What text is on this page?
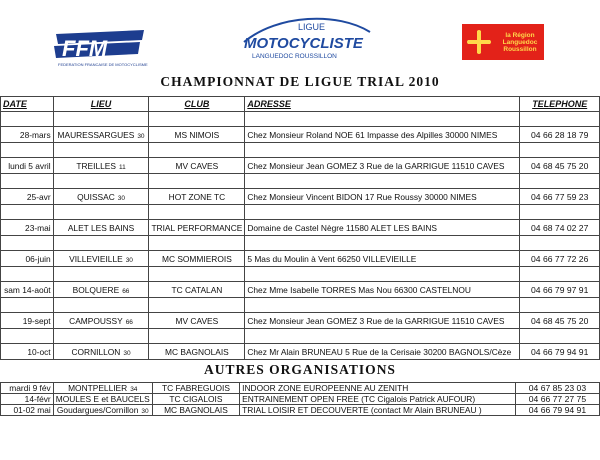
FFM
FEDERATION FRANCAISE DE MOTOCYCLISME
LIGUE
MOTOCYCLISTE
LANGUEDOC ROUSSILLON
la Région
Languedoc
Roussillon
CHAMPIONNAT DE LIGUE TRIAL 2010
DATE	LIEU	CLUB	ADRESSE	TELEPHONE

28-mars	MAURESSARGUES 30	MS NIMOIS	Chez Monsieur Roland NOE 61 Impasse des Alpilles 30000 NIMES	04 66 28 18 79

lundi 5 avril	TREILLES 11	MV CAVES	Chez Monsieur Jean GOMEZ 3 Rue de la GARRIGUE 11510 CAVES	04 68 45 75 20

25-avr	QUISSAC 30	HOT ZONE TC	Chez Monsieur Vincent BIDON 17 Rue Roussy 30000 NIMES	04 66 77 59 23

23-mai	ALET LES BAINS	TRIAL PERFORMANCE	Domaine de Castel Nègre 11580 ALET LES BAINS	04 68 74 02 27

06-juin	VILLEVIEILLE 30	MC SOMMIEROIS	5 Mas du Moulin à Vent 66250 VILLEVIEILLE	04 66 77 72 26

sam 14-août	BOLQUERE 66	TC CATALAN	Chez Mme Isabelle TORRES Mas Nou 66300 CASTELNOU	04 66 79 97 91

19-sept	CAMPOUSSY 66	MV CAVES	Chez Monsieur Jean GOMEZ 3 Rue de la GARRIGUE 11510 CAVES	04 68 45 75 20

10-oct	CORNILLON 30	MC BAGNOLAIS	Chez Mr Alain BRUNEAU 5 Rue de la Cerisaie 30200 BAGNOLS/Cèze	04 66 79 94 91
AUTRES ORGANISATIONS
mardi 9 fév	MONTPELLIER 34	TC FABREGUOIS	INDOOR ZONE EUROPEENNE AU ZENITH	04 67 85 23 03
14-févr	MOULES E et BAUCELS	TC CIGALOIS	ENTRAINEMENT OPEN FREE (TC Cigalois Patrick AUFOUR)	04 66 77 27 75
01-02 mai	Goudargues/Cornillon 30	MC BAGNOLAIS	TRIAL LOISIR ET DECOUVERTE (contact Mr Alain BRUNEAU )	04 66 79 94 91
